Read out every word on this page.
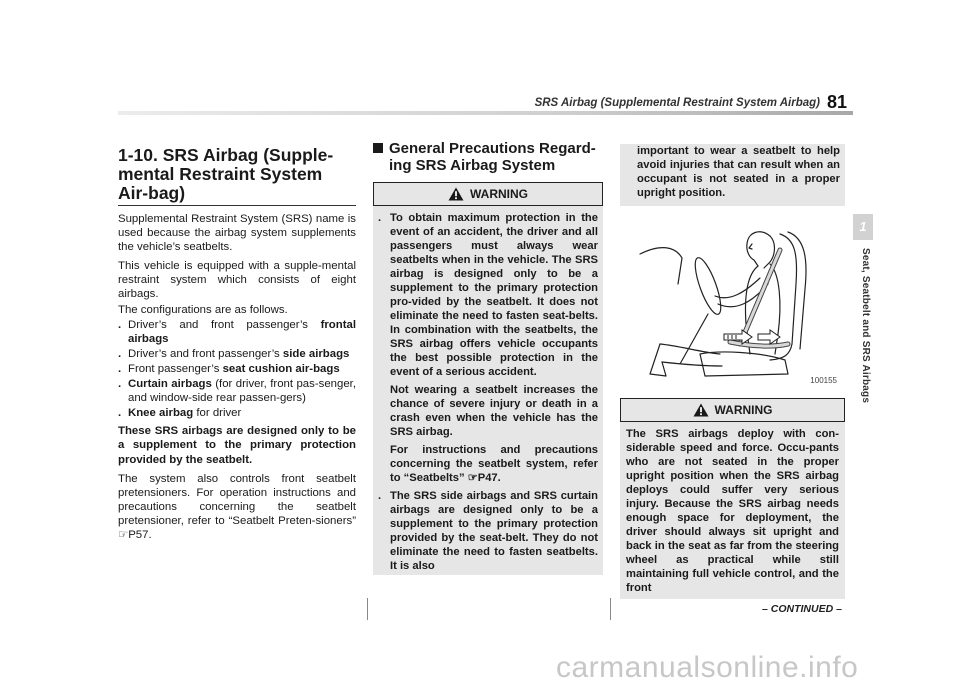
SRS Airbag (Supplemental Restraint System Airbag) 81
1
Seat, Seatbelt and SRS Airbags
1-10. SRS Airbag (Supple-mental Restraint System Air-bag)

Supplemental Restraint System (SRS) name is used because the airbag system supplements the vehicle’s seatbelts.

This vehicle is equipped with a supple-mental restraint system which consists of eight airbags.

The configurations are as follows.

. Driver’s and front passenger’s frontal airbags
. Driver’s and front passenger’s side airbags
. Front passenger’s seat cushion air-bags
. Curtain airbags (for driver, front pas-senger, and window-side rear passen-gers)
. Knee airbag for driver

These SRS airbags are designed only to be a supplement to the primary protection provided by the seatbelt.

The system also controls front seatbelt pretensioners. For operation instructions and precautions concerning the seatbelt pretensioner, refer to “Seatbelt Preten-sioners” ☞P57.

General Precautions Regard-ing SRS Airbag System
WARNING
. To obtain maximum protection in the event of an accident, the driver and all passengers must always wear seatbelts when in the vehicle. The SRS airbag is designed only to be a supplement to the primary protection pro-vided by the seatbelt. It does not eliminate the need to fasten seat-belts. In combination with the seatbelts, the SRS airbag offers vehicle occupants the best possible protection in the event of a serious accident.
Not wearing a seatbelt increases the chance of severe injury or death in a crash even when the vehicle has the SRS airbag.
For instructions and precautions concerning the seatbelt system, refer to “Seatbelts” ☞P47.
. The SRS side airbags and SRS curtain airbags are designed only to be a supplement to the primary protection provided by the seat-belt. They do not eliminate the need to fasten seatbelts. It is also
important to wear a seatbelt to help avoid injuries that can result when an occupant is not seated in a proper upright position.
100155
WARNING
The SRS airbags deploy with con-siderable speed and force. Occu-pants who are not seated in the proper upright position when the SRS airbag deploys could suffer very serious injury. Because the SRS airbag needs enough space for deployment, the driver should always sit upright and back in the seat as far from the steering wheel as practical while still maintaining full vehicle control, and the front
– CONTINUED –
carmanualsonline.info
